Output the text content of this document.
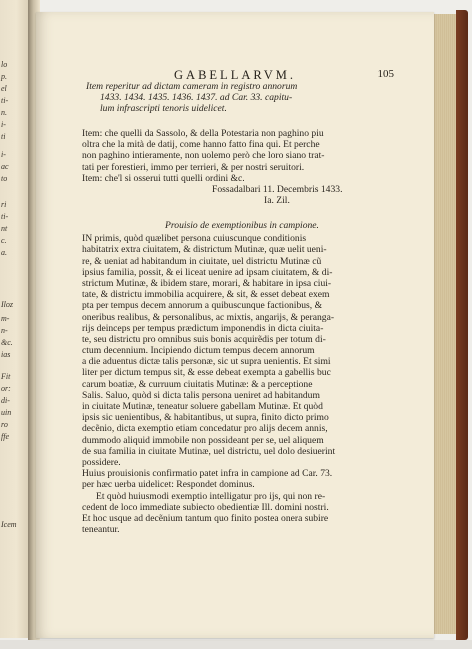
lo
p.
el
ti-
n.
i-
ti
i-
ac
to
ri
ti-
nt
c.
a.
Iloz
m-
n-
&c.
ias
Fit
or:
di-
uin
ro
ffe
Icem
GABELLARVM.	105
Item reperitur ad dictam cameram in registro annorum
1433. 1434. 1435. 1436. 1437. ad Car. 33. capitu-
lum infrascripti tenoris uidelicet.
Item: che quelli da Sassolo, & della Potestaria non paghino piu
oltra che la mità de datij, come hanno fatto fina qui. Et perche
non paghino intieramente, non uolemo però che loro siano trat-
tati per forestieri, immo per terrieri, & per nostri seruitori.
Item: che'l si osserui tutti quelli ordini &c.
Fossadalbari 11. Decembris 1433.
Ia. Zil.
Prouisio de exemptionibus in campione.
IN primis, quòd quælibet persona cuiuscunque conditionis
habitatrix extra ciuitatem, & districtum Mutinæ, quæ uelit ueni-
re, & ueniat ad habitandum in ciuitate, uel districtu Mutinæ cũ
ipsius familia, possit, & ei liceat uenire ad ipsam ciuitatem, & di-
strictum Mutinæ, & ibidem stare, morari, & habitare in ipsa ciui-
tate, & districtu immobilia acquirere, & sit, & esset debeat exem
pta per tempus decem annorum a quibuscunque factionibus, &
oneribus realibus, & personalibus, ac mixtis, angarijs, & peranga-
rijs deinceps per tempus prædictum imponendis in dicta ciuita-
te, seu districtu pro omnibus suis bonis acquirẽdis per totum di-
ctum decennium. Incipiendo dictum tempus decem annorum
a die aduentus dictæ talis personæ, sic ut supra uenientis. Et simi
liter per dictum tempus sit, & esse debeat exempta a gabellis buc
carum boatiæ, & curruum ciuitatis Mutinæ: & a perceptione
Salis. Saluo, quòd si dicta talis persona ueniret ad habitandum
in ciuitate Mutinæ, teneatur soluere gabellam Mutinæ. Et quòd
ipsis sic uenientibus, & habitantibus, ut supra, finito dicto primo
decẽnio, dicta exemptio etiam concedatur pro alijs decem annis,
dummodo aliquid immobile non possideant per se, uel aliquem
de sua familia in ciuitate Mutinæ, uel districtu, uel dolo desiuerint
possidere.
Huius prouisionis confirmatio patet infra in campione ad Car. 73.
per hæc uerba uidelicet: Respondet dominus.
Et quòd huiusmodi exemptio intelligatur pro ijs, qui non re-
cedent de loco immediate subiecto obedientiæ Ill. domini nostri.
Et hoc usque ad decẽnium tantum quo finito postea onera subire
teneantur.
